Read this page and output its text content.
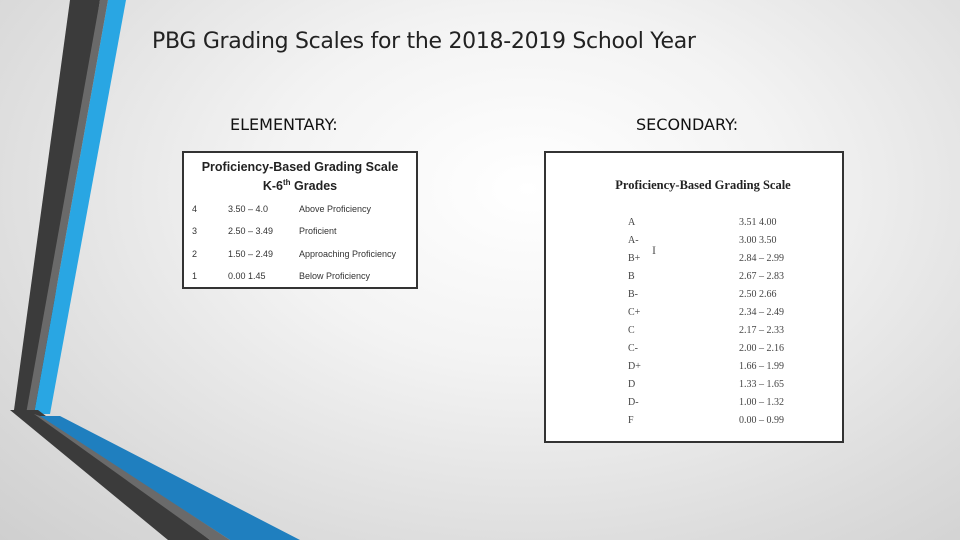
PBG Grading Scales for the 2018-2019 School Year
ELEMENTARY:	SECONDARY:
Proficiency-Based Grading Scale
K-6th Grades
4	3.50 – 4.0	Above Proficiency
3	2.50 – 3.49	Proficient
2	1.50 – 2.49	Approaching Proficiency
1	0.00 1.45	Below Proficiency
Proficiency-Based Grading Scale
I
A	3.51 4.00
A-	3.00 3.50
B+	2.84 – 2.99
B	2.67 – 2.83
B-	2.50 2.66
C+	2.34 – 2.49
C	2.17 – 2.33
C-	2.00 – 2.16
D+	1.66 – 1.99
D	1.33 – 1.65
D-	1.00 – 1.32
F	0.00 – 0.99
